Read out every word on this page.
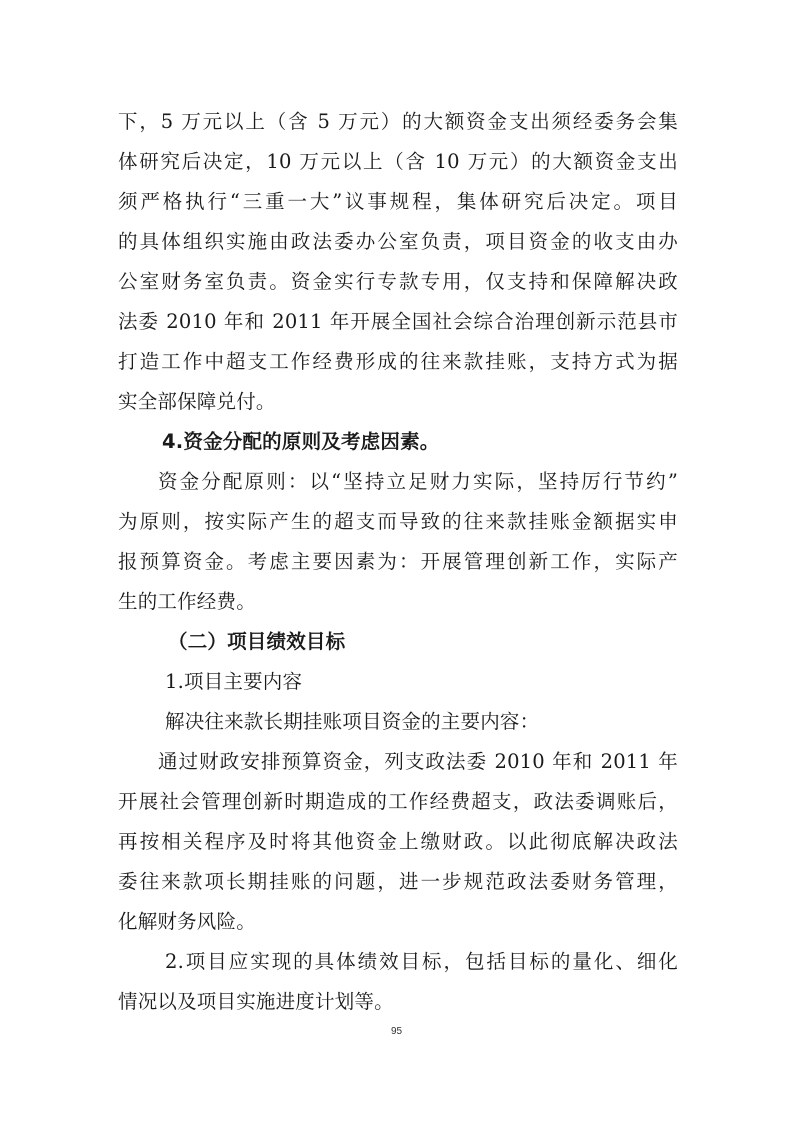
下，5 万元以上（含 5 万元）的大额资金支出须经委务会集
体研究后决定，10 万元以上（含 10 万元）的大额资金支出
须严格执行“三重一大”议事规程，集体研究后决定。项目
的具体组织实施由政法委办公室负责，项目资金的收支由办
公室财务室负责。资金实行专款专用，仅支持和保障解决政
法委 2010 年和 2011 年开展全国社会综合治理创新示范县市
打造工作中超支工作经费形成的往来款挂账，支持方式为据
实全部保障兑付。
4.资金分配的原则及考虑因素。
资金分配原则：以“坚持立足财力实际，坚持厉行节约”
为原则，按实际产生的超支而导致的往来款挂账金额据实申
报预算资金。考虑主要因素为：开展管理创新工作，实际产
生的工作经费。
（二）项目绩效目标
1.项目主要内容
解决往来款长期挂账项目资金的主要内容：
通过财政安排预算资金，列支政法委 2010 年和 2011 年
开展社会管理创新时期造成的工作经费超支，政法委调账后，
再按相关程序及时将其他资金上缴财政。以此彻底解决政法
委往来款项长期挂账的问题，进一步规范政法委财务管理，
化解财务风险。
2.项目应实现的具体绩效目标，包括目标的量化、细化
情况以及项目实施进度计划等。
95
